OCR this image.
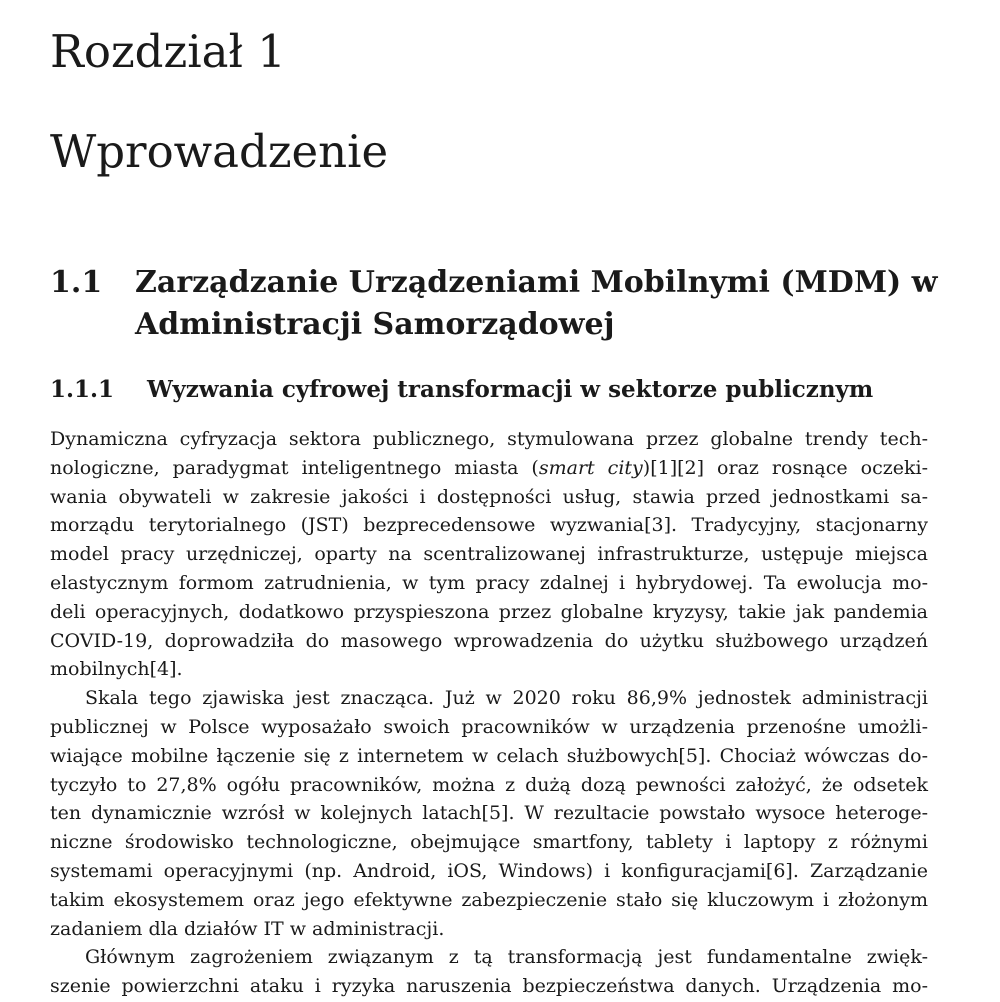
Rozdział 1
Wprowadzenie
1.1 Zarządzanie Urządzeniami Mobilnymi (MDM) w Administracji Samorządowej
1.1.1 Wyzwania cyfrowej transformacji w sektorze publicznym
Dynamiczna cyfryzacja sektora publicznego, stymulowana przez globalne trendy tech-
nologiczne, paradygmat inteligentnego miasta (smart city)[1][2] oraz rosnące oczeki-
wania obywateli w zakresie jakości i dostępności usług, stawia przed jednostkami sa-
morządu terytorialnego (JST) bezprecedensowe wyzwania[3]. Tradycyjny, stacjonarny
model pracy urzędniczej, oparty na scentralizowanej infrastrukturze, ustępuje miejsca
elastycznym formom zatrudnienia, w tym pracy zdalnej i hybrydowej. Ta ewolucja mo-
deli operacyjnych, dodatkowo przyspieszona przez globalne kryzysy, takie jak pandemia
COVID-19, doprowadziła do masowego wprowadzenia do użytku służbowego urządzeń
mobilnych[4].
Skala tego zjawiska jest znacząca. Już w 2020 roku 86,9% jednostek administracji
publicznej w Polsce wyposażało swoich pracowników w urządzenia przenośne umożli-
wiające mobilne łączenie się z internetem w celach służbowych[5]. Chociaż wówczas do-
tyczyło to 27,8% ogółu pracowników, można z dużą dozą pewności założyć, że odsetek
ten dynamicznie wzrósł w kolejnych latach[5]. W rezultacie powstało wysoce heteroge-
niczne środowisko technologiczne, obejmujące smartfony, tablety i laptopy z różnymi
systemami operacyjnymi (np. Android, iOS, Windows) i konfiguracjami[6]. Zarządzanie
takim ekosystemem oraz jego efektywne zabezpieczenie stało się kluczowym i złożonym
zadaniem dla działów IT w administracji.
Głównym zagrożeniem związanym z tą transformacją jest fundamentalne zwięk-
szenie powierzchni ataku i ryzyka naruszenia bezpieczeństwa danych. Urządzenia mo-
